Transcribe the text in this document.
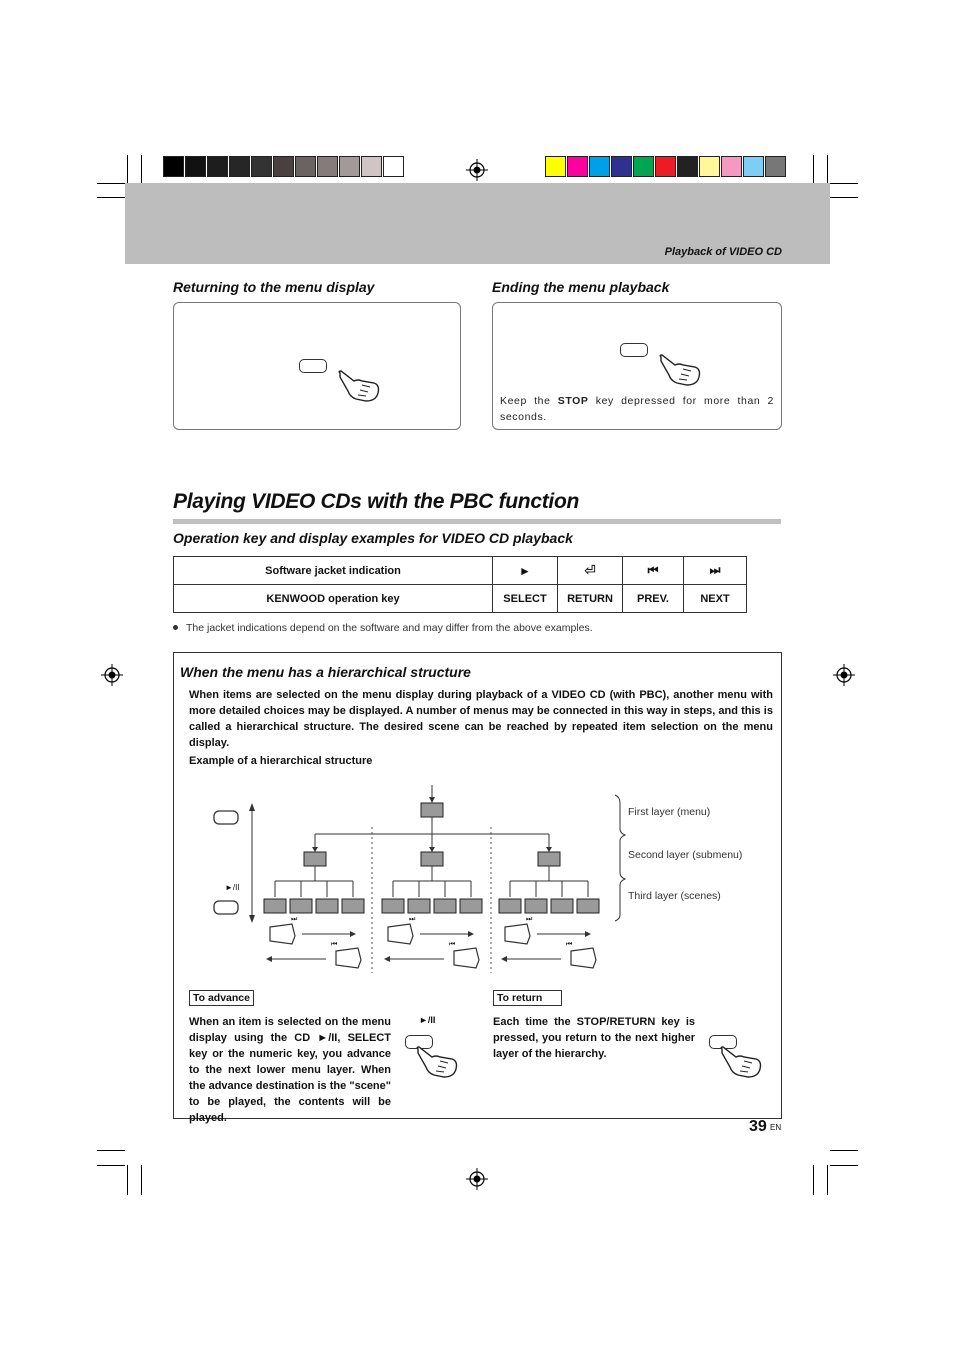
Playback of VIDEO CD
Returning to the menu display	Ending the menu playback
Keep the STOP key depressed for more than 2 seconds.
Playing VIDEO CDs with the PBC function
Operation key and display examples for VIDEO CD playback
Software jacket indication	►	⏎	⏮	⏭
KENWOOD operation key	SELECT	RETURN	PREV.	NEXT
The jacket indications depend on the software and may differ from the above examples.
When the menu has a hierarchical structure
When items are selected on the menu display during playback of a VIDEO CD (with PBC), another menu with more detailed choices may be displayed. A number of menus may be connected in this way in steps, and this is called a hierarchical structure. The desired scene can be reached by repeated item selection on the menu display.
Example of a hierarchical structure
►/II
⏭
⏮
⏭
⏮
⏭
⏮
First layer (menu)
Second layer (submenu)
Third layer (scenes)
To advance
When an item is selected on the menu display using the CD ►/II, SELECT key or the numeric key, you advance to the next lower menu layer. When the advance destination is the "scene" to be played, the contents will be played.
►/II
To return
Each time the STOP/RETURN key is pressed, you return to the next higher layer of the hierarchy.
39 EN
